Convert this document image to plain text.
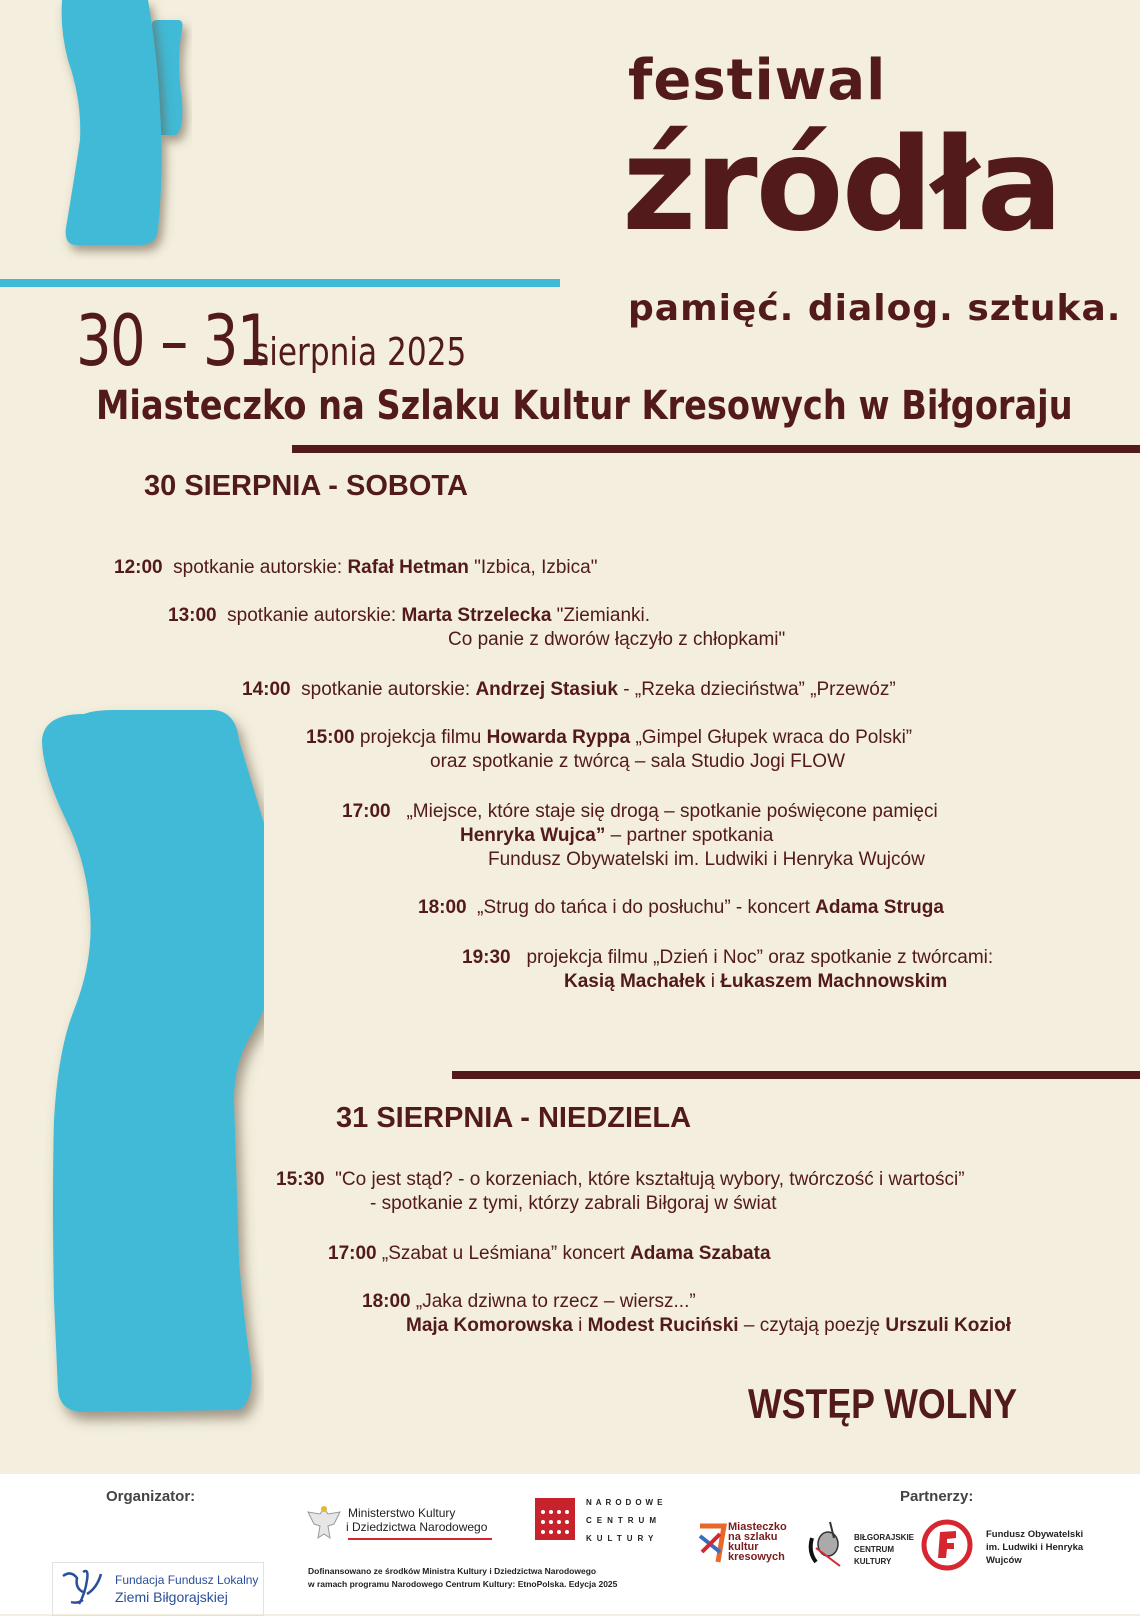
festiwal
źródła
pamięć. dialog. sztuka.
30 – 31 sierpnia 2025
Miasteczko na Szlaku Kultur Kresowych w Biłgoraju
30 SIERPNIA - SOBOTA
12:00 spotkanie autorskie: Rafał Hetman "Izbica, Izbica"
13:00 spotkanie autorskie: Marta Strzelecka "Ziemianki.
Co panie z dworów łączyło z chłopkami"
14:00 spotkanie autorskie: Andrzej Stasiuk - „Rzeka dzieciństwa” „Przewóz”
15:00 projekcja filmu Howarda Ryppa „Gimpel Głupek wraca do Polski”
oraz spotkanie z twórcą – sala Studio Jogi FLOW
17:00 „Miejsce, które staje się drogą – spotkanie poświęcone pamięci
Henryka Wujca” – partner spotkania
Fundusz Obywatelski im. Ludwiki i Henryka Wujców
18:00 „Strug do tańca i do posłuchu” - koncert Adama Struga
19:30 projekcja filmu „Dzień i Noc” oraz spotkanie z twórcami:
Kasią Machałek i Łukaszem Machnowskim
31 SIERPNIA - NIEDZIELA
15:30 "Co jest stąd? - o korzeniach, które kształtują wybory, twórczość i wartości”
- spotkanie z tymi, którzy zabrali Biłgoraj w świat
17:00 „Szabat u Leśmiana” koncert Adama Szabata
18:00 „Jaka dziwna to rzecz – wiersz...”
Maja Komorowska i Modest Ruciński – czytają poezję Urszuli Kozioł
WSTĘP WOLNY
Organizator:
Fundacja Fundusz Lokalny
Ziemi Biłgorajskiej
Ministerstwo Kultury
i Dziedzictwa Narodowego
NARODOWE
CENTRUM
KULTURY
Dofinansowano ze środków Ministra Kultury i Dziedzictwa Narodowego
w ramach programu Narodowego Centrum Kultury: EtnoPolska. Edycja 2025
Partnerzy:
Miasteczko
na szlaku
kultur
kresowych
BIŁGORAJSKIE
CENTRUM
KULTURY
Fundusz Obywatelski
im. Ludwiki i Henryka
Wujców
